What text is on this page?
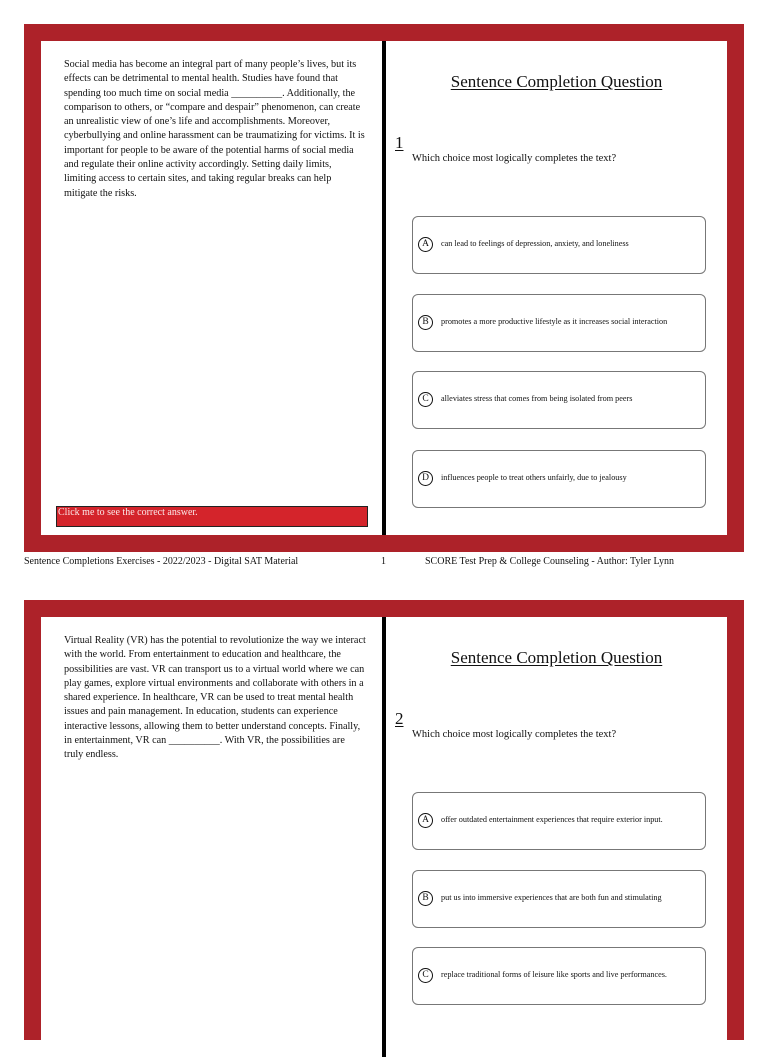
Social media has become an integral part of many people’s lives, but its effects can be detrimental to mental health. Studies have found that spending too much time on social media __________. Additionally, the comparison to others, or “compare and despair” phenomenon, can create an unrealistic view of one’s life and accomplishments. Moreover, cyberbullying and online harassment can be traumatizing for victims. It is important for people to be aware of the potential harms of social media and regulate their online activity accordingly. Setting daily limits, limiting access to certain sites, and taking regular breaks can help mitigate the risks.

Click me to see the correct answer.
Sentence Completion Question
1
Which choice most logically completes the text?
A	can lead to feelings of depression, anxiety, and loneliness
B	promotes a more productive lifestyle as it increases social interaction
C	alleviates stress that comes from being isolated from peers
D	influences people to treat others unfairly, due to jealousy
Sentence Completions Exercises - 2022/2023 - Digital SAT Material	1	SCORE Test Prep & College Counseling - Author: Tyler Lynn

Virtual Reality (VR) has the potential to revolutionize the way we interact with the world. From entertainment to education and healthcare, the possibilities are vast. VR can transport us to a virtual world where we can play games, explore virtual environments and collaborate with others in a shared experience. In healthcare, VR can be used to treat mental health issues and pain management. In education, students can experience interactive lessons, allowing them to better understand concepts. Finally, in entertainment, VR can __________. With VR, the possibilities are truly endless.

Sentence Completion Question
2
Which choice most logically completes the text?
A	offer outdated entertainment experiences that require exterior input.
B	put us into immersive experiences that are both fun and stimulating
C	replace traditional forms of leisure like sports and live performances.
